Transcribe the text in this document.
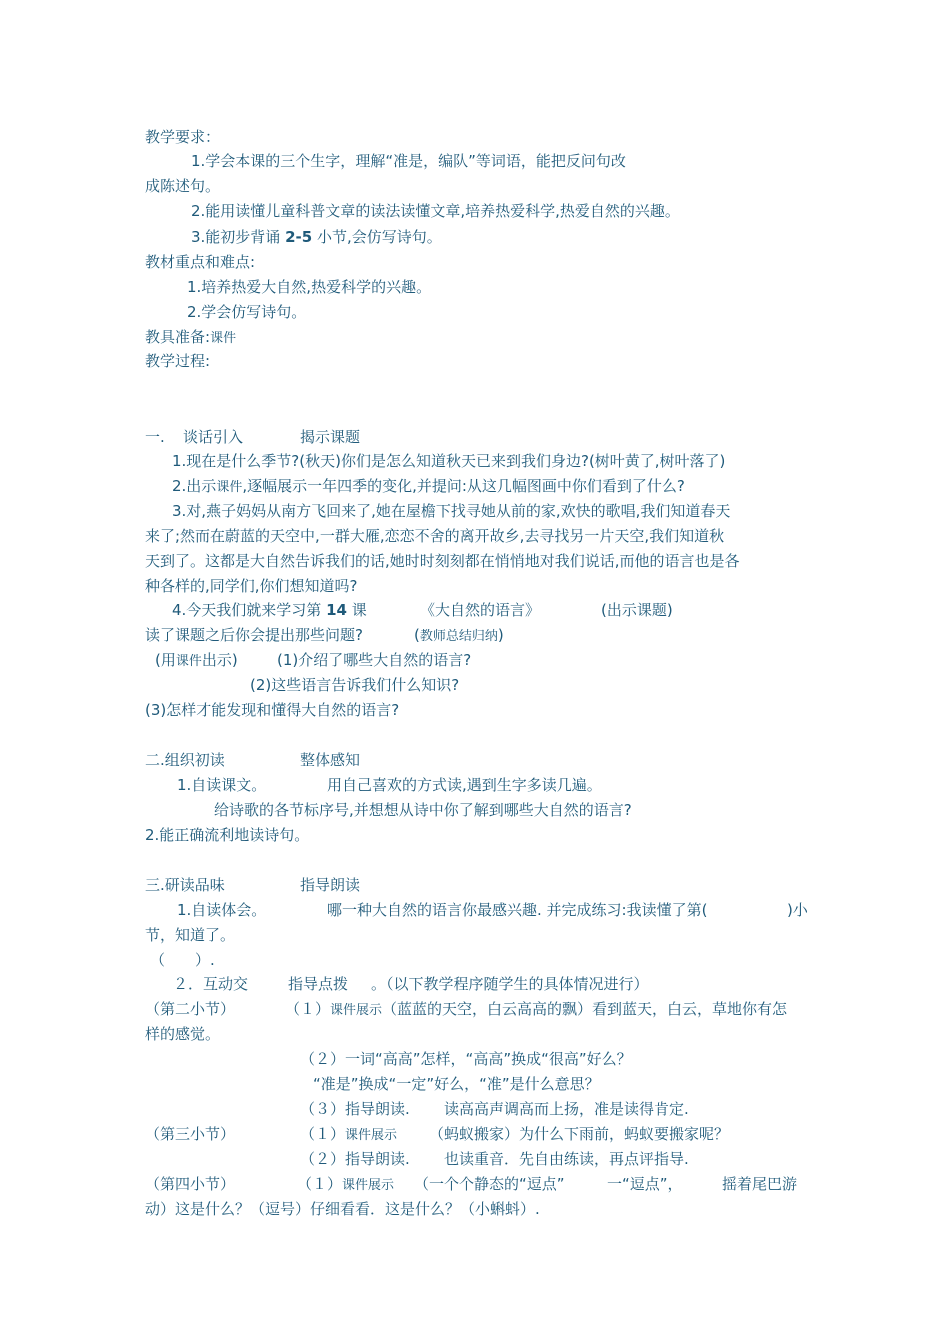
教学要求：
1.学会本课的三个生字，理解“准是，编队”等词语，能把反问句改
成陈述句。
2.能用读懂儿童科普文章的读法读懂文章,培养热爱科学,热爱自然的兴趣。
3.能初步背诵 2-5 小节,会仿写诗句。
教材重点和难点:
1.培养热爱大自然,热爱科学的兴趣。
2.学会仿写诗句。
教具准备:课件
教学过程:
一. 谈话引入	揭示课题
1.现在是什么季节?(秋天)你们是怎么知道秋天已来到我们身边?(树叶黄了,树叶落了)
2.出示课件,逐幅展示一年四季的变化,并提问:从这几幅图画中你们看到了什么?
3.对,燕子妈妈从南方飞回来了,她在屋檐下找寻她从前的家,欢快的歌唱,我们知道春天
来了;然而在蔚蓝的天空中,一群大雁,恋恋不舍的离开故乡,去寻找另一片天空,我们知道秋
天到了。这都是大自然告诉我们的话,她时时刻刻都在悄悄地对我们说话,而他的语言也是各
种各样的,同学们,你们想知道吗?
4.今天我们就来学习第 14 课	《大自然的语言》	(出示课题)
读了课题之后你会提出那些问题?	(教师总结归纳)
(用课件出示)	(1)介绍了哪些大自然的语言?
(2)这些语言告诉我们什么知识?
(3)怎样才能发现和懂得大自然的语言?
二.组织初读	整体感知
1.自读课文。	用自己喜欢的方式读,遇到生字多读几遍。
给诗歌的各节标序号,并想想从诗中你了解到哪些大自然的语言?
2.能正确流利地读诗句。
三.研读品味	指导朗读
1.自读体会。	哪一种大自然的语言你最感兴趣. 并完成练习:我读懂了第(	)小
节，知道了。
（　　）.
２．互动交	指导点拨 。（以下教学程序随学生的具体情况进行）
（第二小节）	（１）课件展示（蓝蓝的天空，白云高高的飘）看到蓝天，白云，草地你有怎
样的感觉。
（２）一词“高高”怎样，“高高”换成“很高”好么？
“准是”换成“一定”好么，“准”是什么意思？
（３）指导朗读. 读高高声调高而上扬，准是读得肯定.
（第三小节）	（１）课件展示 （蚂蚁搬家）为什么下雨前，蚂蚁要搬家呢？
（２）指导朗读. 也读重音．先自由练读，再点评指导.
（第四小节）	（１）课件展示 （一个个静态的“逗点”	一“逗点”，	摇着尾巴游
动）这是什么？（逗号）仔细看看．这是什么？（小蝌蚪）.
